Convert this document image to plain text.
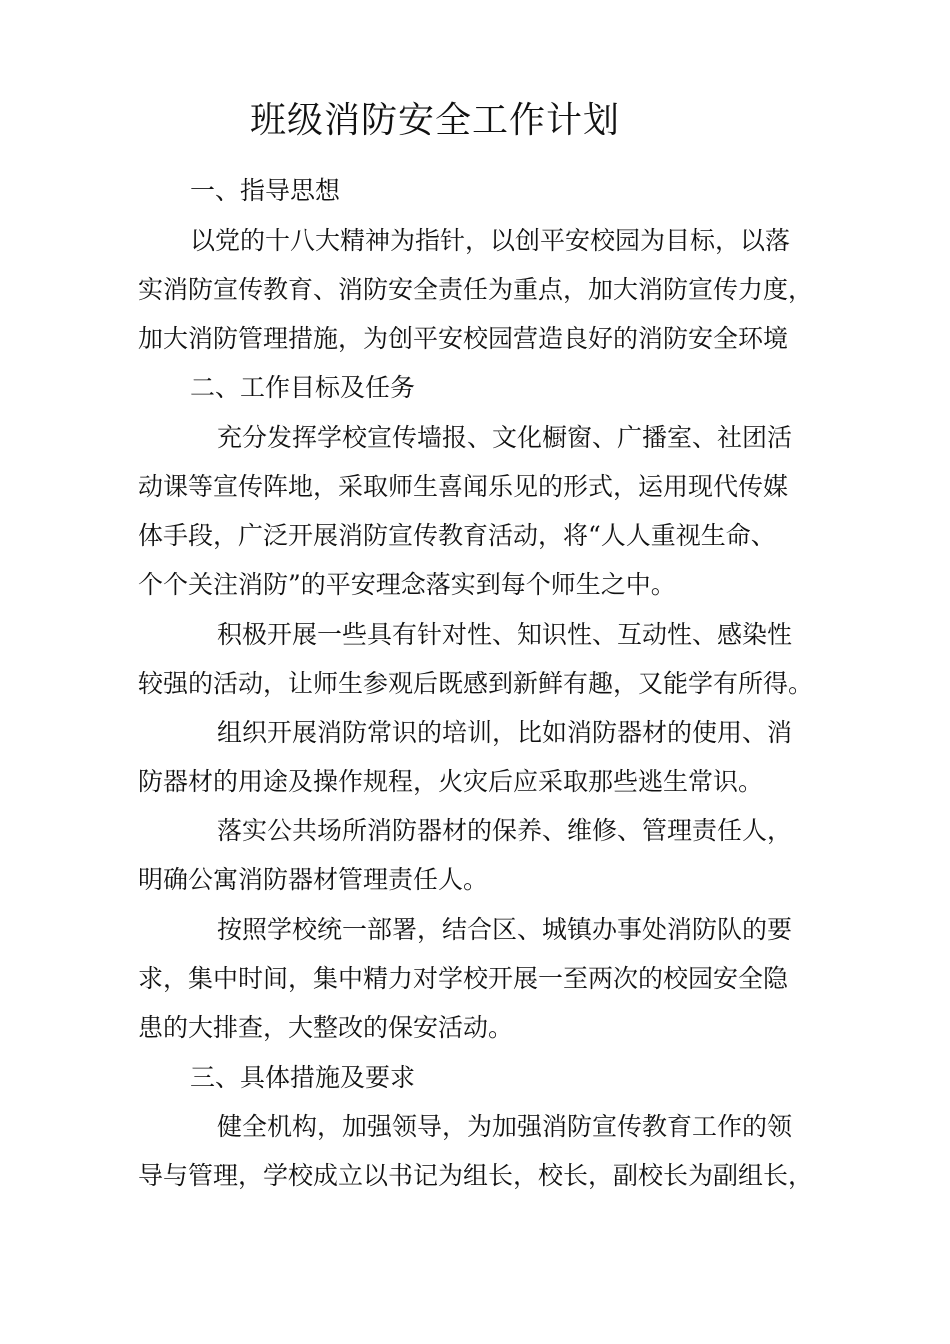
班级消防安全工作计划
一、指导思想
以党的十八大精神为指针，以创平安校园为目标，以落
实消防宣传教育、消防安全责任为重点，加大消防宣传力度，
加大消防管理措施，为创平安校园营造良好的消防安全环境
二、工作目标及任务
充分发挥学校宣传墙报、文化橱窗、广播室、社团活
动课等宣传阵地，采取师生喜闻乐见的形式，运用现代传媒
体手段，广泛开展消防宣传教育活动，将“人人重视生命、
个个关注消防”的平安理念落实到每个师生之中。
积极开展一些具有针对性、知识性、互动性、感染性
较强的活动，让师生参观后既感到新鲜有趣，又能学有所得。
组织开展消防常识的培训，比如消防器材的使用、消
防器材的用途及操作规程，火灾后应采取那些逃生常识。
落实公共场所消防器材的保养、维修、管理责任人，
明确公寓消防器材管理责任人。
按照学校统一部署，结合区、城镇办事处消防队的要
求，集中时间，集中精力对学校开展一至两次的校园安全隐
患的大排查，大整改的保安活动。
三、具体措施及要求
健全机构，加强领导，为加强消防宣传教育工作的领
导与管理，学校成立以书记为组长，校长，副校长为副组长，
